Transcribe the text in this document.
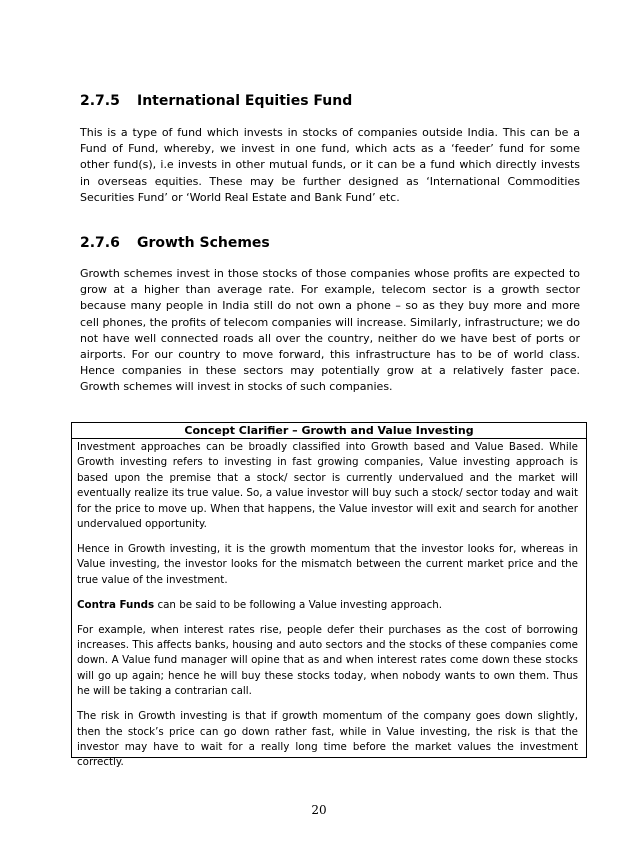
2.7.5 International Equities Fund

This is a type of fund which invests in stocks of companies outside India. This can be a Fund of Fund, whereby, we invest in one fund, which acts as a ‘feeder’ fund for some other fund(s), i.e invests in other mutual funds, or it can be a fund which directly invests in overseas equities. These may be further designed as ‘International Commodities Securities Fund’ or ‘World Real Estate and Bank Fund’ etc.

2.7.6 Growth Schemes

Growth schemes invest in those stocks of those companies whose profits are expected to grow at a higher than average rate. For example, telecom sector is a growth sector because many people in India still do not own a phone – so as they buy more and more cell phones, the profits of telecom companies will increase. Similarly, infrastructure; we do not have well connected roads all over the country, neither do we have best of ports or airports. For our country to move forward, this infrastructure has to be of world class. Hence companies in these sectors may potentially grow at a relatively faster pace. Growth schemes will invest in stocks of such companies.

Concept Clarifier – Growth and Value Investing

Investment approaches can be broadly classified into Growth based and Value Based. While Growth investing refers to investing in fast growing companies, Value investing approach is based upon the premise that a stock/ sector is currently undervalued and the market will eventually realize its true value. So, a value investor will buy such a stock/ sector today and wait for the price to move up. When that happens, the Value investor will exit and search for another undervalued opportunity.

Hence in Growth investing, it is the growth momentum that the investor looks for, whereas in Value investing, the investor looks for the mismatch between the current market price and the true value of the investment.

Contra Funds can be said to be following a Value investing approach.

For example, when interest rates rise, people defer their purchases as the cost of borrowing increases. This affects banks, housing and auto sectors and the stocks of these companies come down. A Value fund manager will opine that as and when interest rates come down these stocks will go up again; hence he will buy these stocks today, when nobody wants to own them. Thus he will be taking a contrarian call.

The risk in Growth investing is that if growth momentum of the company goes down slightly, then the stock’s price can go down rather fast, while in Value investing, the risk is that the investor may have to wait for a really long time before the market values the investment correctly.

20
